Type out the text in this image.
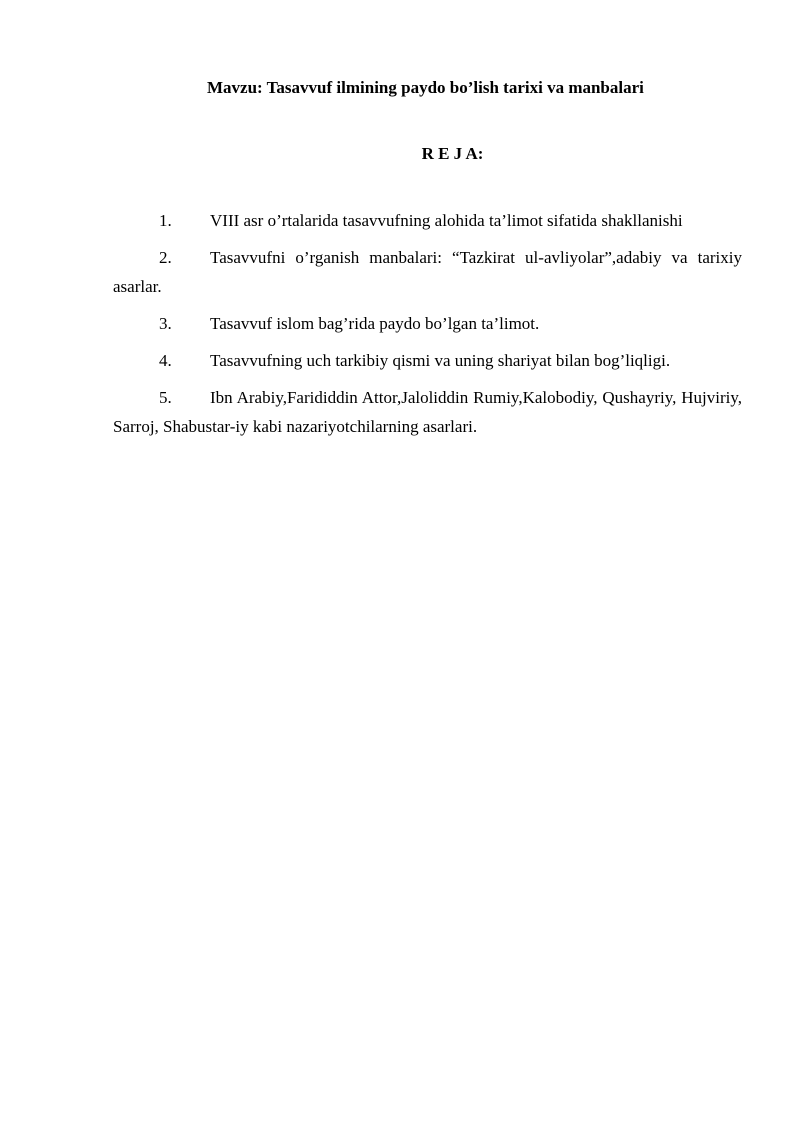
Mavzu: Tasavvuf ilmining paydo bo’lish tarixi va manbalari
R E J A:
1. VIII asr o’rtalarida tasavvufning alohida ta’limot sifatida shakllanishi
2. Tasavvufni o’rganish manbalari: “Tazkirat ul-avliyolar”,adabiy va tarixiy asarlar.
3. Tasavvuf islom bag’rida paydo bo’lgan ta’limot.
4. Tasavvufning uch tarkibiy qismi va uning shariyat bilan bog’liqligi.
5. Ibn Arabiy,Farididdin Attor,Jaloliddin Rumiy,Kalobodiy, Qushayriy, Hujviriy, Sarroj, Shabustar-iy kabi nazariyotchilarning asarlari.
